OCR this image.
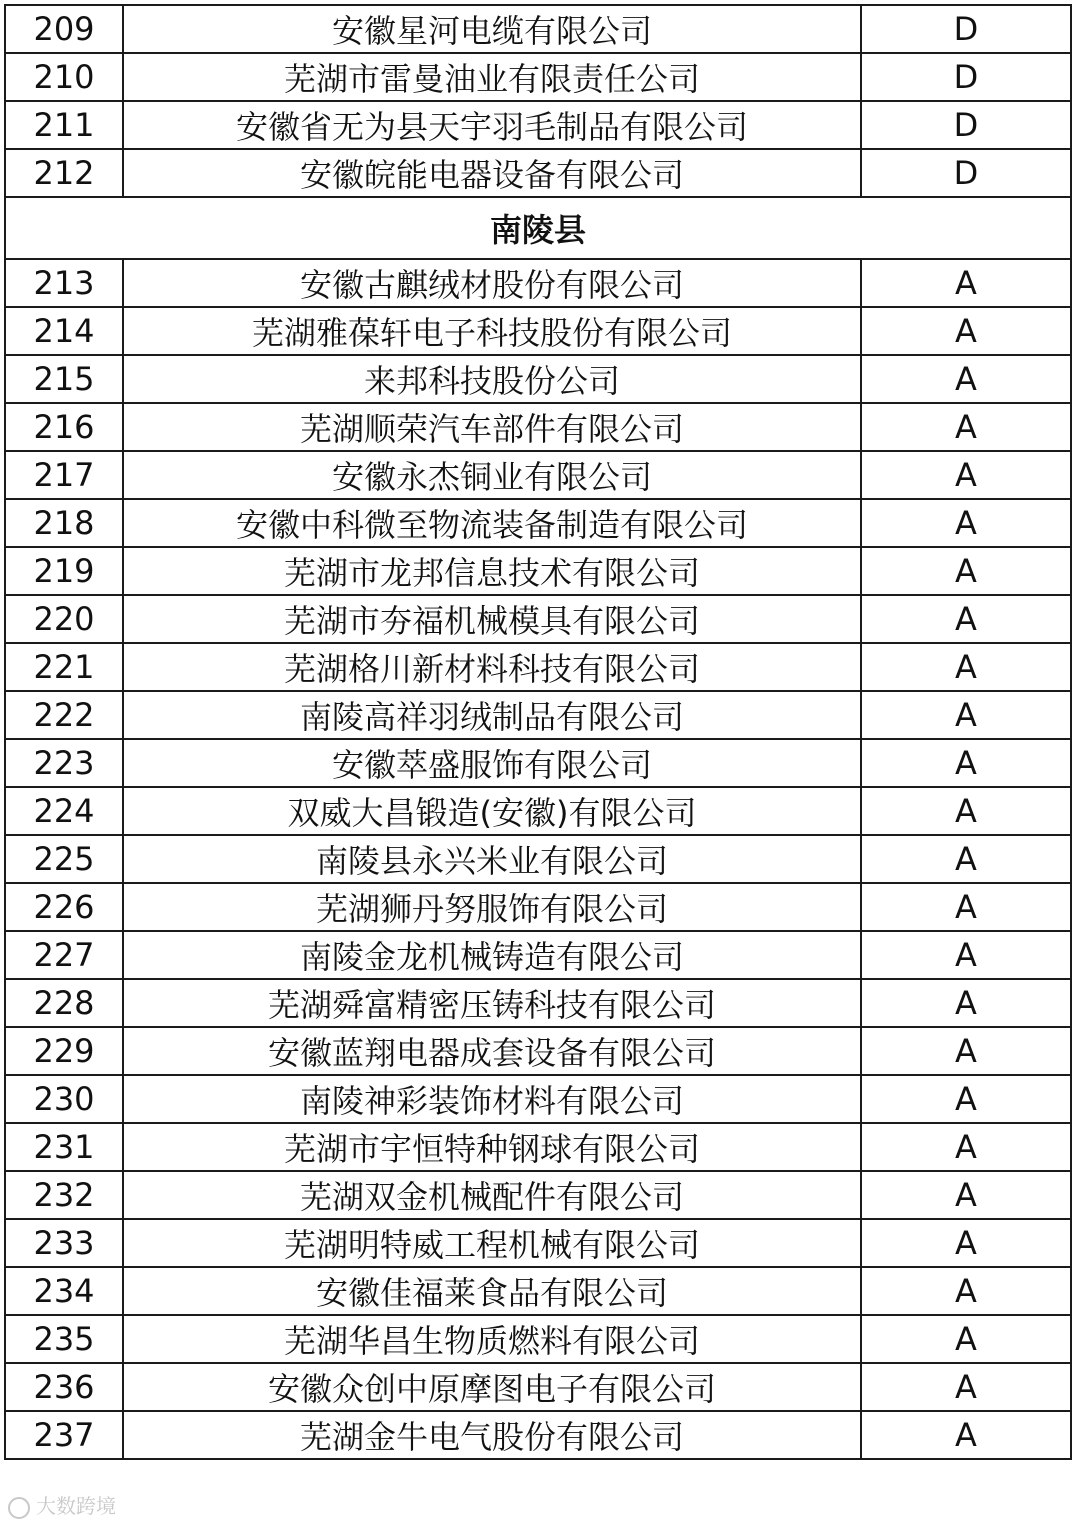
209	安徽星河电缆有限公司	D
210	芜湖市雷曼油业有限责任公司	D
211	安徽省无为县天宇羽毛制品有限公司	D
212	安徽皖能电器设备有限公司	D
南陵县		
213	安徽古麒绒材股份有限公司	A
214	芜湖雅葆轩电子科技股份有限公司	A
215	来邦科技股份公司	A
216	芜湖顺荣汽车部件有限公司	A
217	安徽永杰铜业有限公司	A
218	安徽中科微至物流装备制造有限公司	A
219	芜湖市龙邦信息技术有限公司	A
220	芜湖市夯福机械模具有限公司	A
221	芜湖格川新材料科技有限公司	A
222	南陵高祥羽绒制品有限公司	A
223	安徽萃盛服饰有限公司	A
224	双威大昌锻造(安徽)有限公司	A
225	南陵县永兴米业有限公司	A
226	芜湖狮丹努服饰有限公司	A
227	南陵金龙机械铸造有限公司	A
228	芜湖舜富精密压铸科技有限公司	A
229	安徽蓝翔电器成套设备有限公司	A
230	南陵神彩装饰材料有限公司	A
231	芜湖市宇恒特种钢球有限公司	A
232	芜湖双金机械配件有限公司	A
233	芜湖明特威工程机械有限公司	A
234	安徽佳福莱食品有限公司	A
235	芜湖华昌生物质燃料有限公司	A
236	安徽众创中原摩图电子有限公司	A
237	芜湖金牛电气股份有限公司	A
大数跨境
